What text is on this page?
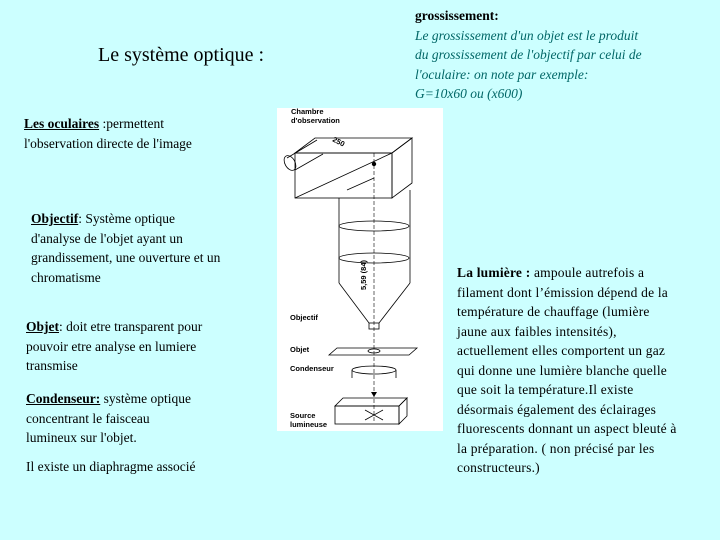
Le système optique :
grossissement:
Le grossissement d'un objet est le produit
du grossissement de l'objectif par celui de
l'oculaire: on note par exemple:
G=10x60 ou (x600)
Les oculaires :permettent
l'observation directe de l'image
Objectif: Système optique
d'analyse de l'objet ayant un
grandissement, une ouverture et un
chromatisme
Objet: doit etre transparent pour
pouvoir etre analyse en lumiere
transmise
Condenseur: système optique
concentrant le faisceau
lumineux sur l'objet.
Il existe un diaphragme associé
La lumière : ampoule autrefois a
filament dont l’émission dépend de la
température de chauffage (lumière
jaune aux faibles intensités),
actuellement elles comportent un gaz
qui donne une lumière blanche quelle
que soit la température.Il existe
désormais également des éclairages
fluorescents donnant un aspect bleuté à
la préparation. ( non précisé par les
constructeurs.)
Chambre
d'observation
250
5,59 (84)
Objectif
Objet
Condenseur
Source
lumineuse
